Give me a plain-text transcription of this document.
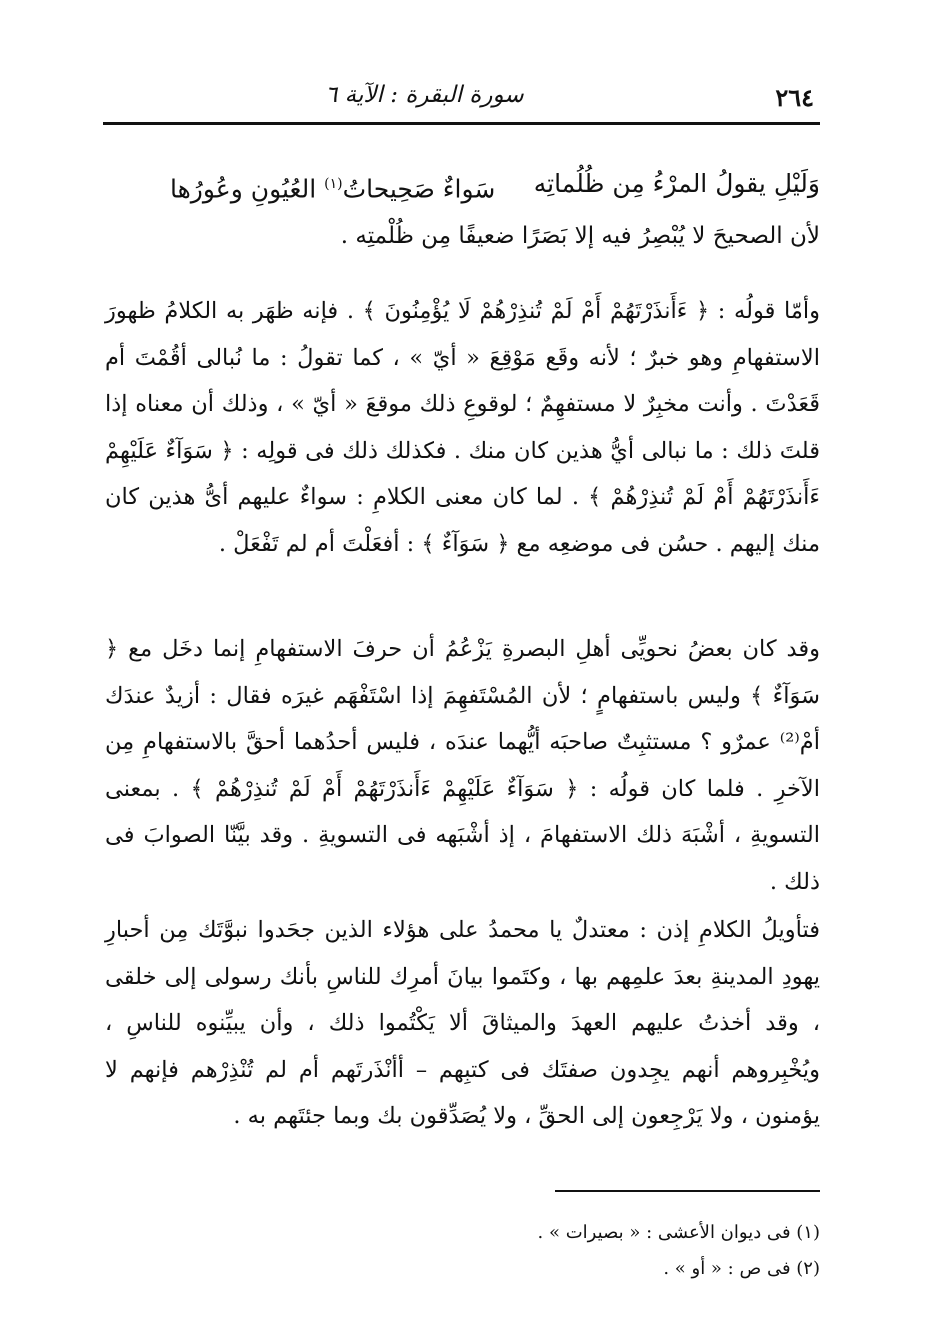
٢٦٤
سورة البقرة : الآية ٦
وَلَيْلِ يقولُ المرْءُ مِن ظُلُماتِه
سَواءٌ صَحِيحاتُ$^{(١)}$ العُيُونِ وعُورُها
لأن الصحيحَ لا يُبْصِرُ فيه إلا بَصَرًا ضعيفًا مِن ظُلْمتِه .

وأمّا قولُه : ﴿ ءَأَنذَرْتَهُمْ أَمْ لَمْ تُنذِرْهُمْ لَا يُؤْمِنُونَ ﴾ . فإنه ظهَر به الكلامُ ظهورَ الاستفهامِ وهو خبرٌ ؛ لأنه وقَع مَوْقِعَ « أيّ » ، كما تقولُ : ما نُبالى أقُمْتَ أم قَعَدْتَ . وأنت مخبِرٌ لا مستفهِمٌ ؛ لوقوعِ ذلك موقعَ « أيّ » ، وذلك أن معناه إذا قلتَ ذلك : ما نبالى أيُّ هذين كان منك . فكذلك ذلك فى قولِه : ﴿ سَوَآءٌ عَلَيْهِمْ ءَأَنذَرْتَهُمْ أَمْ لَمْ تُنذِرْهُمْ ﴾ . لما كان معنى الكلامِ : سواءٌ عليهم أىُّ هذين كان منك إليهم . حسُن فى موضعِه مع ﴿ سَوَآءٌ ﴾ : أفعَلْتَ أم لم تَفْعَلْ .

وقد كان بعضُ نحويِّى أهلِ البصرةِ يَزْعُمُ أن حرفَ الاستفهامِ إنما دخَل مع ﴿ سَوَآءٌ ﴾ وليس باستفهامٍ ؛ لأن المُسْتَفهِمَ إذا اسْتَفْهَم غيرَه فقال : أزيدٌ عندَك أمْ⁽²⁾ عمرٌو ؟ مستثبِتٌ صاحبَه أيُّهما عندَه ، فليس أحدُهما أحقَّ بالاستفهامِ مِن الآخرِ . فلما كان قولُه : ﴿ سَوَآءٌ عَلَيْهِمْ ءَأَنذَرْتَهُمْ أَمْ لَمْ تُنذِرْهُمْ ﴾ . بمعنى التسويةِ ، أشْبَهَ ذلك الاستفهامَ ، إذ أشْبَهه فى التسويةِ . وقد بيَّنّا الصوابَ فى ذلك .

فتأويلُ الكلامِ إذن : معتدلٌ يا محمدُ على هؤلاء الذين جحَدوا نبوَّتَك مِن أحبارِ يهودِ المدينةِ بعدَ علمِهم بها ، وكتَموا بيانَ أمرِك للناسِ بأنك رسولى إلى خلقى ، وقد أخذتُ عليهم العهدَ والميثاقَ ألا يَكْتُموا ذلك ، وأن يبيِّنوه للناسِ ، ويُخْبِروهم أنهم يجِدون صفتَك فى كتبِهم – أأنْذَرتَهم أم لم تُنْذِرْهم فإنهم لا يؤمنون ، ولا يَرْجِعون إلى الحقِّ ، ولا يُصَدِّقون بك وبما جئتَهم به .

(١) فى ديوان الأعشى : « بصيرات » .
(٢) فى ص : « أو » .
